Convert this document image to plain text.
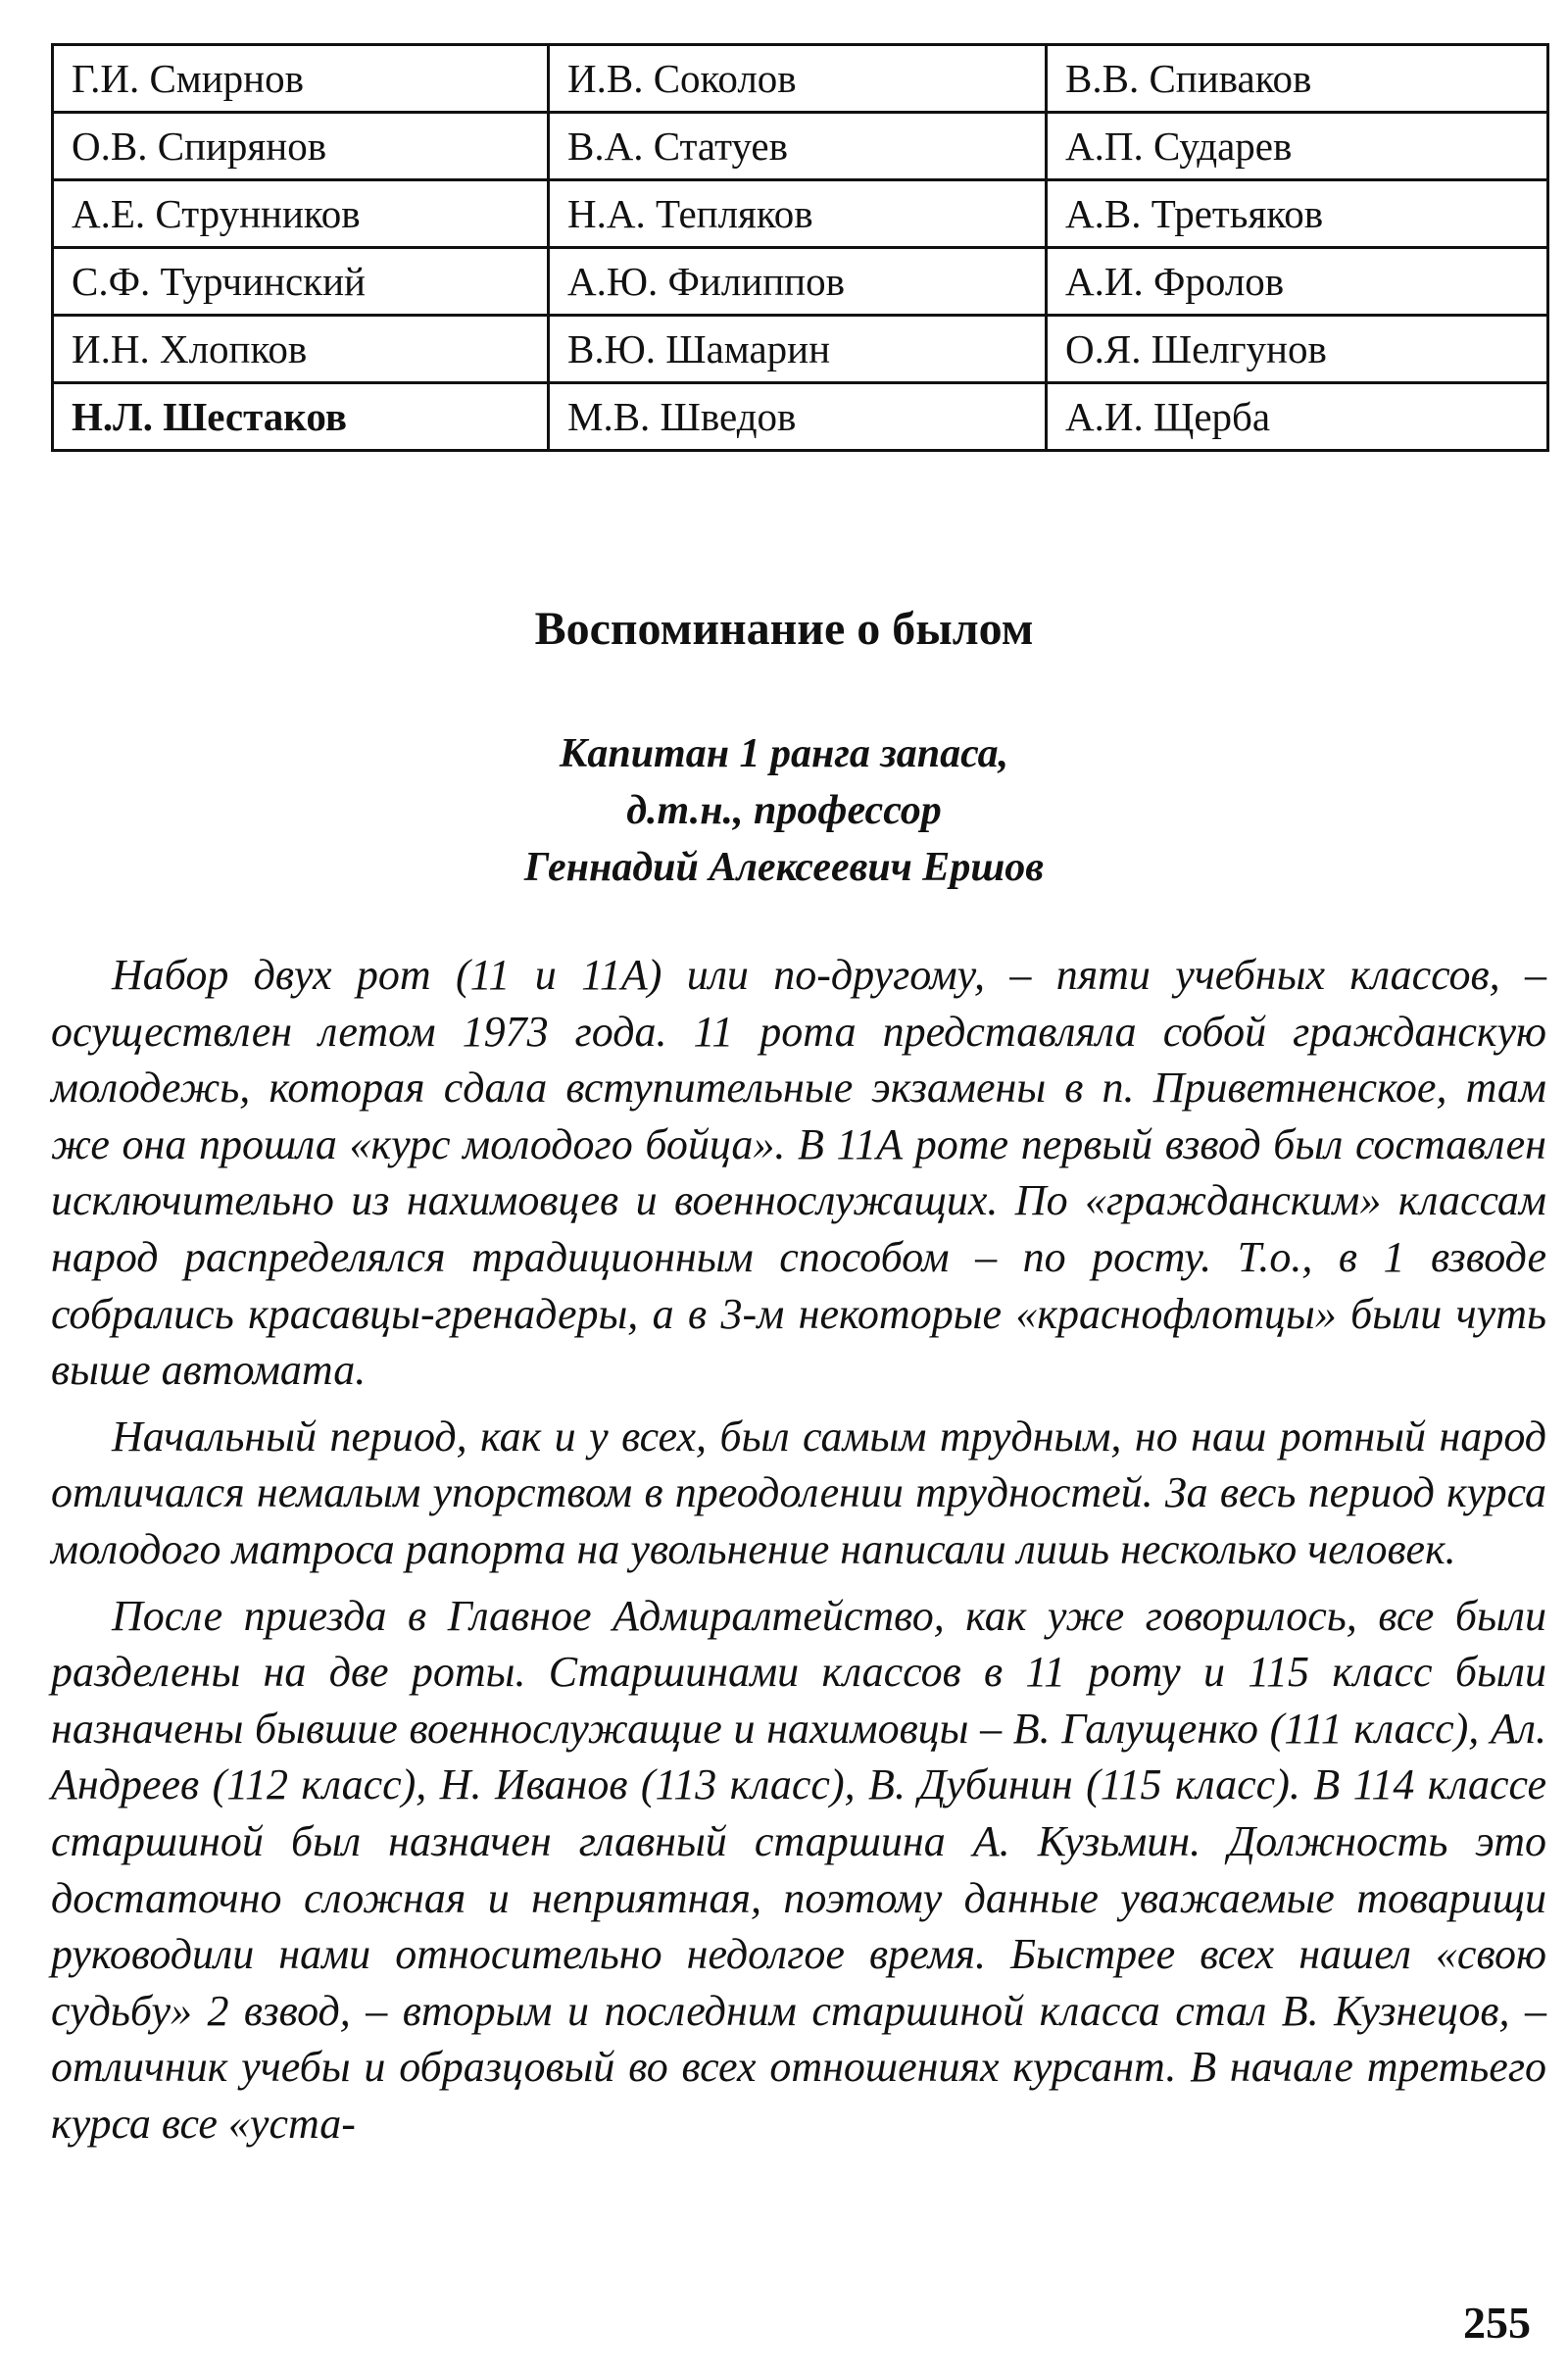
Г.И. Смирнов	И.В. Соколов	В.В. Спиваков
О.В. Спирянов	В.А. Статуев	А.П. Сударев
А.Е. Струнников	Н.А. Тепляков	А.В. Третьяков
С.Ф. Турчинский	А.Ю. Филиппов	А.И. Фролов
И.Н. Хлопков	В.Ю. Шамарин	О.Я. Шелгунов
Н.Л. Шестаков	М.В. Шведов	А.И. Щерба
Воспоминание о былом
Капитан 1 ранга запаса,
д.т.н., профессор
Геннадий Алексеевич Ершов

Набор двух рот (11 и 11А) или по-другому, – пяти учебных классов, – осуществлен летом 1973 года. 11 рота представляла собой гражданскую молодежь, которая сдала вступительные экзамены в п. Приветненское, там же она прошла «курс молодого бойца». В 11А роте первый взвод был составлен исключительно из нахимовцев и военнослужащих. По «гражданским» классам народ распределялся традиционным способом – по росту. Т.о., в 1 взводе собрались красавцы-гренадеры, а в 3-м некоторые «краснофлотцы» были чуть выше автомата.

Начальный период, как и у всех, был самым трудным, но наш ротный народ отличался немалым упорством в преодолении трудностей. За весь период курса молодого матроса рапорта на увольнение написали лишь несколько человек.

После приезда в Главное Адмиралтейство, как уже говорилось, все были разделены на две роты. Старшинами классов в 11 роту и 115 класс были назначены бывшие военнослужащие и нахимовцы – В. Галущенко (111 класс), Ал. Андреев (112 класс), Н. Иванов (113 класс), В. Дубинин (115 класс). В 114 классе старшиной был назначен главный старшина А. Кузьмин. Должность это достаточно сложная и неприятная, поэтому данные уважаемые товарищи руководили нами относительно недолгое время. Быстрее всех нашел «свою судьбу» 2 взвод, – вторым и последним старшиной класса стал В. Кузнецов, – отличник учебы и образцовый во всех отношениях курсант. В начале третьего курса все «уста-

255
